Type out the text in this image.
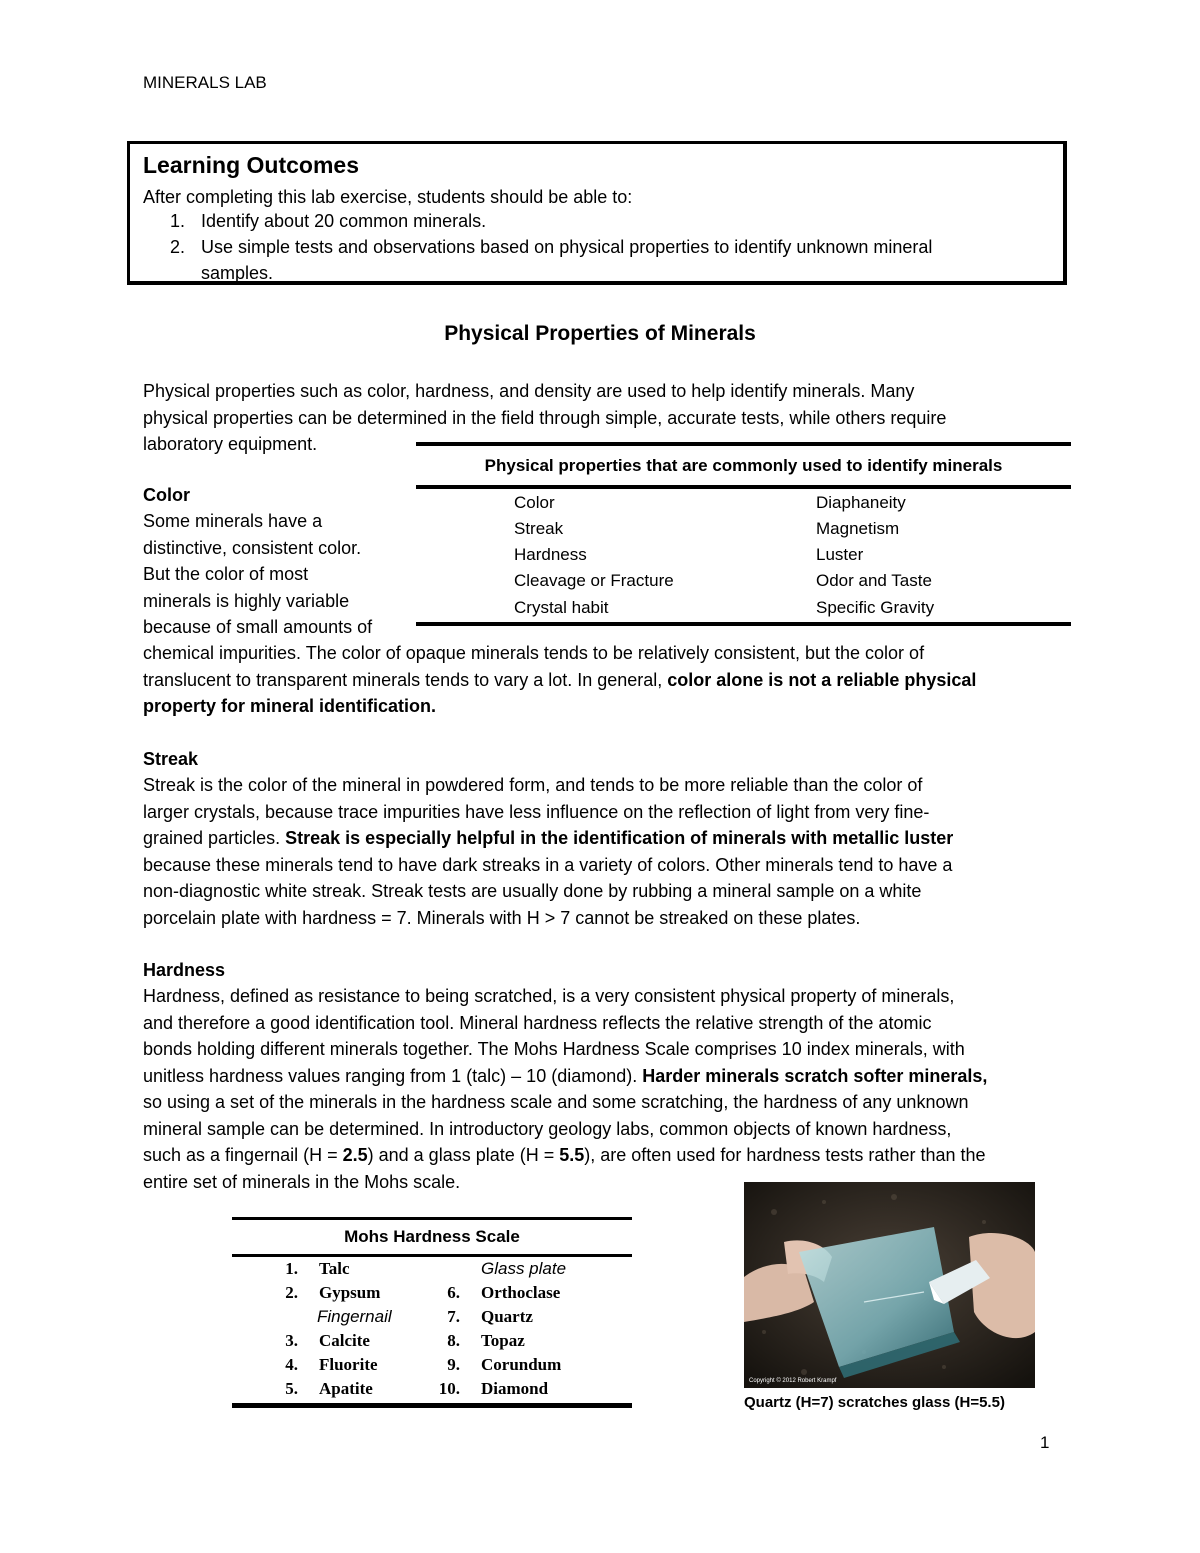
MINERALS LAB
Learning Outcomes
After completing this lab exercise, students should be able to:
1. Identify about 20 common minerals.
2. Use simple tests and observations based on physical properties to identify unknown mineral
samples.
Physical Properties of Minerals
Physical properties such as color, hardness, and density are used to help identify minerals. Many
physical properties can be determined in the field through simple, accurate tests, while others require
laboratory equipment.
Physical properties that are commonly used to identify minerals
Color
Streak
Hardness
Cleavage or Fracture
Crystal habit
Diaphaneity
Magnetism
Luster
Odor and Taste
Specific Gravity
Color
Some minerals have a
distinctive, consistent color.
But the color of most
minerals is highly variable
because of small amounts of
chemical impurities. The color of opaque minerals tends to be relatively consistent, but the color of
translucent to transparent minerals tends to vary a lot. In general, color alone is not a reliable physical
property for mineral identification.
Streak
Streak is the color of the mineral in powdered form, and tends to be more reliable than the color of
larger crystals, because trace impurities have less influence on the reflection of light from very fine-
grained particles. Streak is especially helpful in the identification of minerals with metallic luster
because these minerals tend to have dark streaks in a variety of colors. Other minerals tend to have a
non-diagnostic white streak. Streak tests are usually done by rubbing a mineral sample on a white
porcelain plate with hardness = 7. Minerals with H > 7 cannot be streaked on these plates.
Hardness
Hardness, defined as resistance to being scratched, is a very consistent physical property of minerals,
and therefore a good identification tool. Mineral hardness reflects the relative strength of the atomic
bonds holding different minerals together. The Mohs Hardness Scale comprises 10 index minerals, with
unitless hardness values ranging from 1 (talc) – 10 (diamond). Harder minerals scratch softer minerals,
so using a set of the minerals in the hardness scale and some scratching, the hardness of any unknown
mineral sample can be determined. In introductory geology labs, common objects of known hardness,
such as a fingernail (H = 2.5) and a glass plate (H = 5.5), are often used for hardness tests rather than the
entire set of minerals in the Mohs scale.
Mohs Hardness Scale
1. Talc
2. Gypsum
Fingernail
3. Calcite
4. Fluorite
5. Apatite
Glass plate
6. Orthoclase
7. Quartz
8. Topaz
9. Corundum
10. Diamond	Copyright © 2012 Robert Krampf
Quartz (H=7) scratches glass (H=5.5)
1
